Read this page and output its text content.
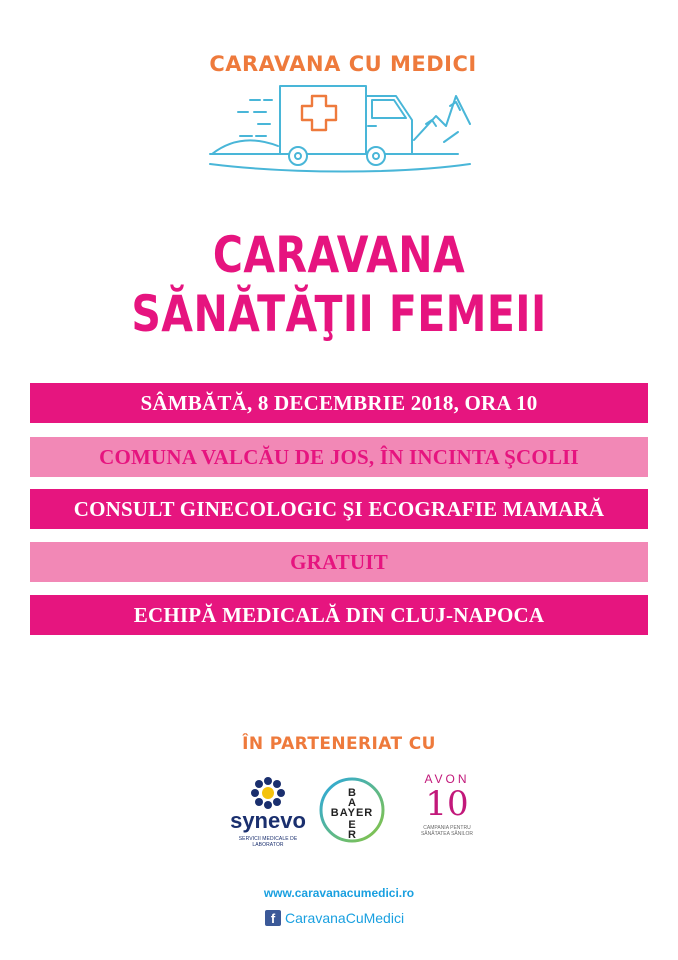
CARAVANA CU MEDICI
CARAVANA
SĂNĂTĂŢII FEMEII
SÂMBĂTĂ, 8 DECEMBRIE 2018, ORA 10
COMUNA VALCĂU DE JOS, ÎN INCINTA ŞCOLII
CONSULT GINECOLOGIC ŞI ECOGRAFIE MAMARĂ
GRATUIT
ECHIPĂ MEDICALĂ DIN CLUJ-NAPOCA
ÎN PARTENERIAT CU
synevo
SERVICII MEDICALE DE LABORATOR
B
A
E
R
BAYER
AVON
10
CAMPANIA PENTRU SĂNĂTATEA SÂNILOR
www.caravanacumedici.ro
f CaravanaCuMedici
